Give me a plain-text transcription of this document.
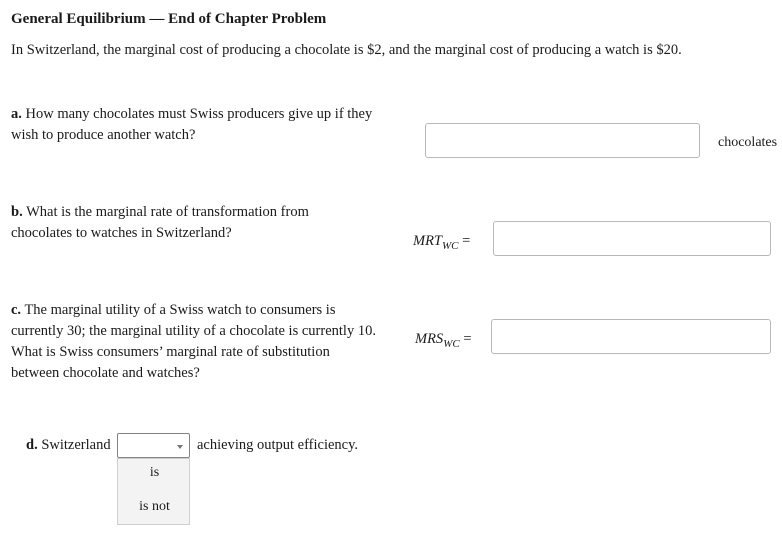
General Equilibrium — End of Chapter Problem
In Switzerland, the marginal cost of producing a chocolate is $2, and the marginal cost of producing a watch is $20.
a. How many chocolates must Swiss producers give up if they wish to produce another watch?	chocolates
b. What is the marginal rate of transformation from chocolates to watches in Switzerland?	$MRT_{WC}$ =
c. The marginal utility of a Swiss watch to consumers is currently 30; the marginal utility of a chocolate is currently 10. What is Swiss consumers’ marginal rate of substitution between chocolate and watches?
$MRS_{WC}$ =
d. Switzerland	achieving output efficiency.
is
is not
